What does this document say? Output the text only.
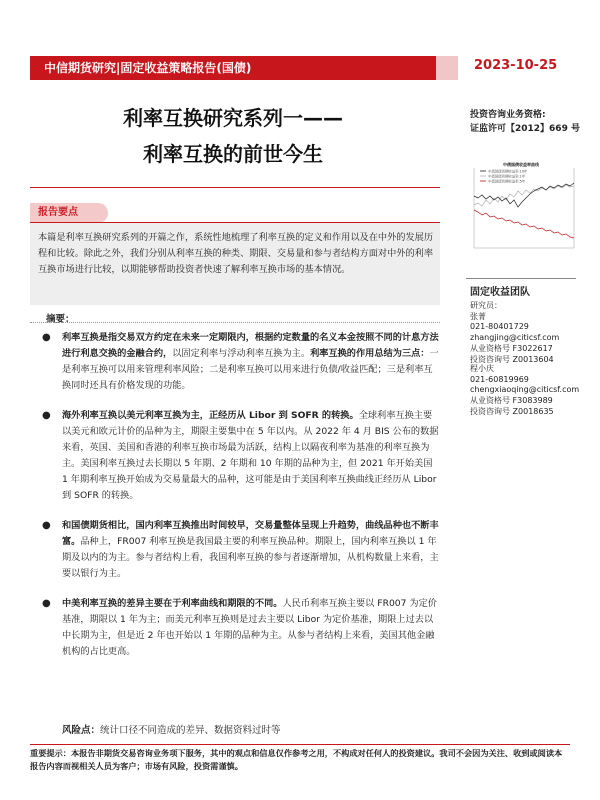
中信期货研究|固定收益策略报告(国债)	2023-10-25
利率互换研究系列一——
利率互换的前世今生
投资咨询业务资格:
证监许可【2012】669 号
中债国债收益率曲线
中债国债到期收益率:10年
中债国债到期收益率:1年
中债国债到期收益率:5年
报告要点
本篇是利率互换研究系列的开篇之作，系统性地梳理了利率互换的定义和作用以及在中外的发展历程和比较。除此之外，我们分别从利率互换的种类、期限、交易量和参与者结构方面对中外的利率互换市场进行比较，以期能够帮助投资者快速了解利率互换市场的基本情况。
摘要：
● 利率互换是指交易双方约定在未来一定期限内，根据约定数量的名义本金按照不同的计息方法进行利息交换的金融合约，以固定利率与浮动利率互换为主。利率互换的作用总结为三点：一是利率互换可以用来管理利率风险；二是利率互换可以用来进行负债/收益匹配；三是利率互换同时还具有价格发现的功能。
● 海外利率互换以美元利率互换为主，正经历从 Libor 到 SOFR 的转换。全球利率互换主要以美元和欧元计价的品种为主，期限主要集中在 5 年以内。从 2022 年 4 月 BIS 公布的数据来看，英国、美国和香港的利率互换市场最为活跃，结构上以隔夜利率为基准的利率互换为主。美国利率互换过去长期以 5 年期、2 年期和 10 年期的品种为主，但 2021 年开始美国 1 年期利率互换开始成为交易量最大的品种，这可能是由于美国利率互换曲线正经历从 Libor 到 SOFR 的转换。
● 和国债期货相比，国内利率互换推出时间较早，交易量整体呈现上升趋势，曲线品种也不断丰富。品种上，FR007 利率互换是我国最主要的利率互换品种。期限上，国内利率互换以 1 年期及以内的为主。参与者结构上看，我国利率互换的参与者逐渐增加，从机构数量上来看，主要以银行为主。
● 中美利率互换的差异主要在于利率曲线和期限的不同。人民币利率互换主要以 FR007 为定价基准，期限以 1 年为主；而美元利率互换则是过去主要以 Libor 为定价基准，期限上过去以中长期为主，但是近 2 年也开始以 1 年期的品种为主。从参与者结构上来看，美国其他金融机构的占比更高。
风险点：统计口径不同造成的差异、数据资料过时等
重要提示：本报告非期货交易咨询业务项下服务，其中的观点和信息仅作参考之用，不构成对任何人的投资建议。我司不会因为关注、收到或阅读本报告内容而视相关人员为客户；市场有风险，投资需谨慎。
固定收益团队
研究员：
张菁
021-80401729
zhangjing@citicsf.com
从业资格号 F3022617
投资咨询号 Z0013604
程小庆
021-60819969
chengxiaoqing@citicsf.com
从业资格号 F3083989
投资咨询号 Z0018635
